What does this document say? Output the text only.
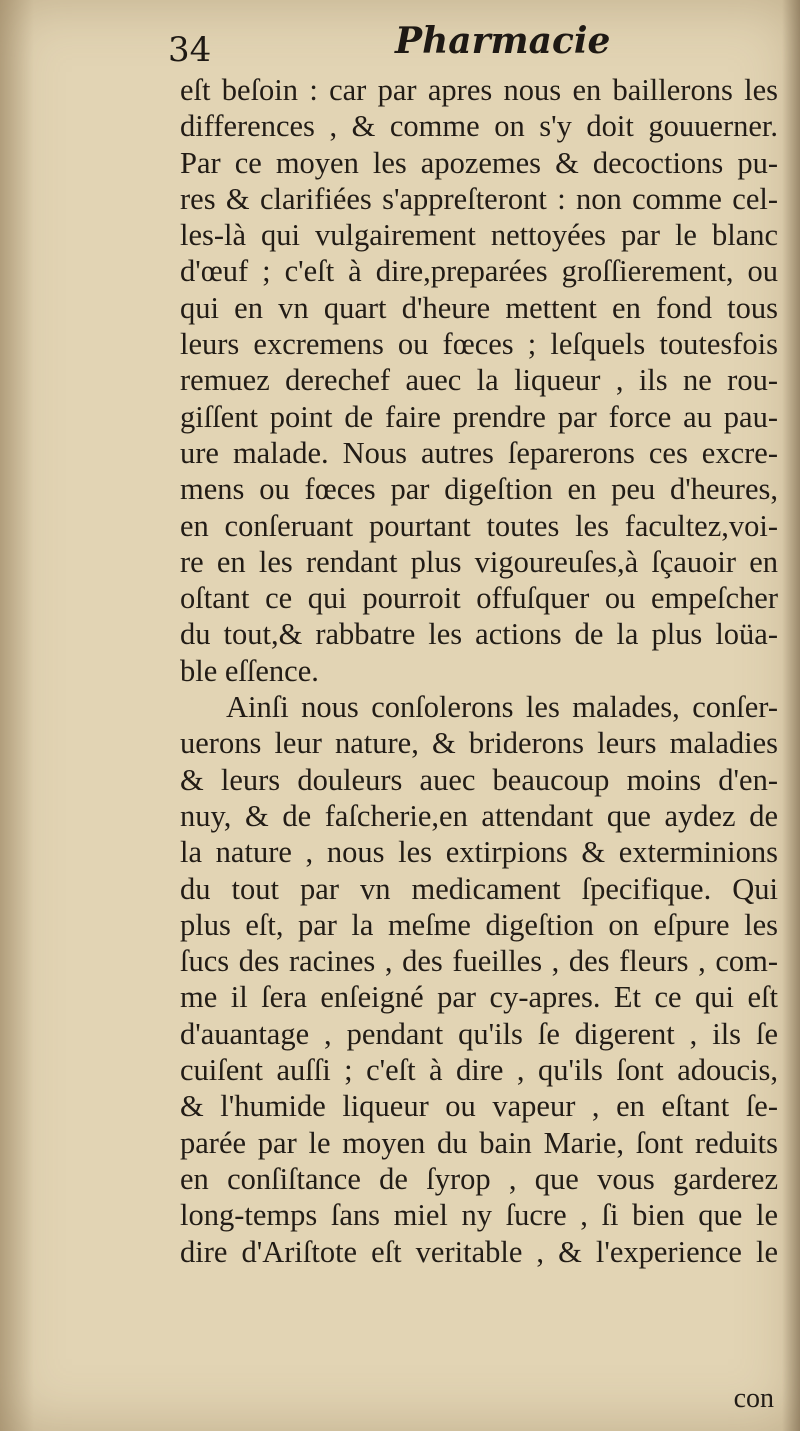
34	Pharmacie
eſt beſoin : car par apres nous en baillerons les
differences , & comme on s'y doit gouuerner.
Par ce moyen les apozemes & decoctions pu-
res & clarifiées s'appreſteront : non comme cel-
les-là qui vulgairement nettoyées par le blanc
d'œuf ; c'eſt à dire,preparées groſſierement, ou
qui en vn quart d'heure mettent en fond tous
leurs excremens ou fœces ; leſquels toutesfois
remuez derechef auec la liqueur , ils ne rou-
giſſent point de faire prendre par force au pau-
ure malade. Nous autres ſeparerons ces excre-
mens ou fœces par digeſtion en peu d'heures,
en conſeruant pourtant toutes les facultez,voi-
re en les rendant plus vigoureuſes,à ſçauoir en
oſtant ce qui pourroit offuſquer ou empeſcher
du tout,& rabbatre les actions de la plus loüa-
ble eſſence.
Ainſi nous conſolerons les malades, conſer-
uerons leur nature, & briderons leurs maladies
& leurs douleurs auec beaucoup moins d'en-
nuy, & de faſcherie,en attendant que aydez de
la nature , nous les extirpions & exterminions
du tout par vn medicament ſpecifique. Qui
plus eſt, par la meſme digeſtion on eſpure les
ſucs des racines , des fueilles , des fleurs , com-
me il ſera enſeigné par cy-apres. Et ce qui eſt
d'auantage , pendant qu'ils ſe digerent , ils ſe
cuiſent auſſi ; c'eſt à dire , qu'ils ſont adoucis,
& l'humide liqueur ou vapeur , en eſtant ſe-
parée par le moyen du bain Marie, ſont reduits
en conſiſtance de ſyrop , que vous garderez
long-temps ſans miel ny ſucre , ſi bien que le
dire d'Ariſtote eſt veritable , & l'experience le
con
